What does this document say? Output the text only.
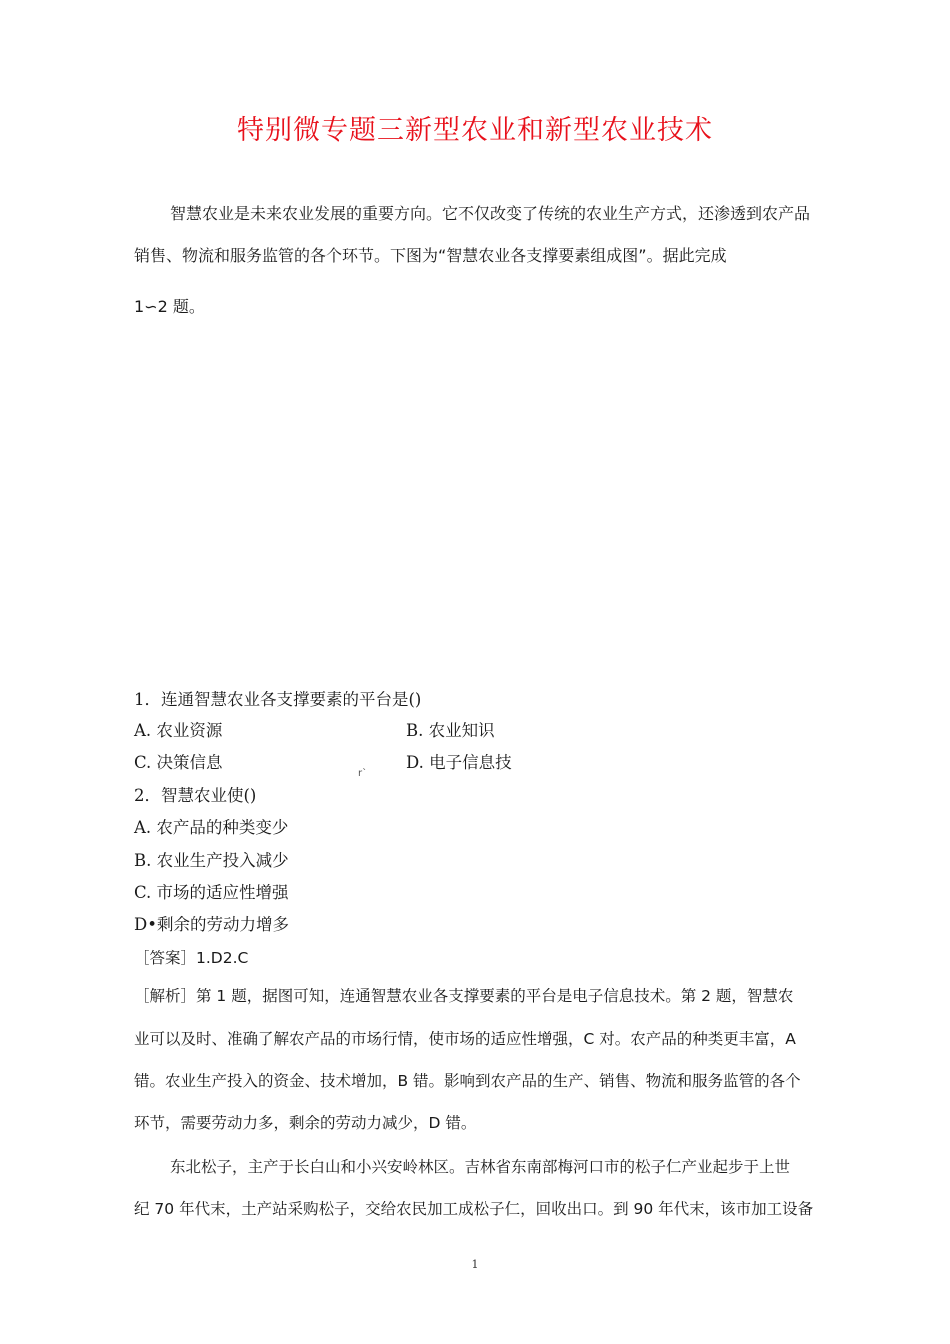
特别微专题三新型农业和新型农业技术
智慧农业是未来农业发展的重要方向。它不仅改变了传统的农业生产方式，还渗透到农产品
销售、物流和服务监管的各个环节。下图为“智慧农业各支撑要素组成图”。据此完成
1∽2 题。
1．连通智慧农业各支撑要素的平台是()
A. 农业资源	B. 农业知识
C. 决策信息	D. 电子信息技
r`
2．智慧农业使()
A. 农产品的种类变少
B. 农业生产投入减少
C. 市场的适应性增强
D•剩余的劳动力增多
［答案］1.D2.C
［解析］第 1 题，据图可知，连通智慧农业各支撑要素的平台是电子信息技术。第 2 题，智慧农
业可以及时、准确了解农产品的市场行情，使市场的适应性增强，C 对。农产品的种类更丰富，A
错。农业生产投入的资金、技术增加，B 错。影响到农产品的生产、销售、物流和服务监管的各个
环节，需要劳动力多，剩余的劳动力减少，D 错。
东北松子，主产于长白山和小兴安岭林区。吉林省东南部梅河口市的松子仁产业起步于上世
纪 70 年代末，土产站采购松子，交给农民加工成松子仁，回收出口。到 90 年代末，该市加工设备
1
